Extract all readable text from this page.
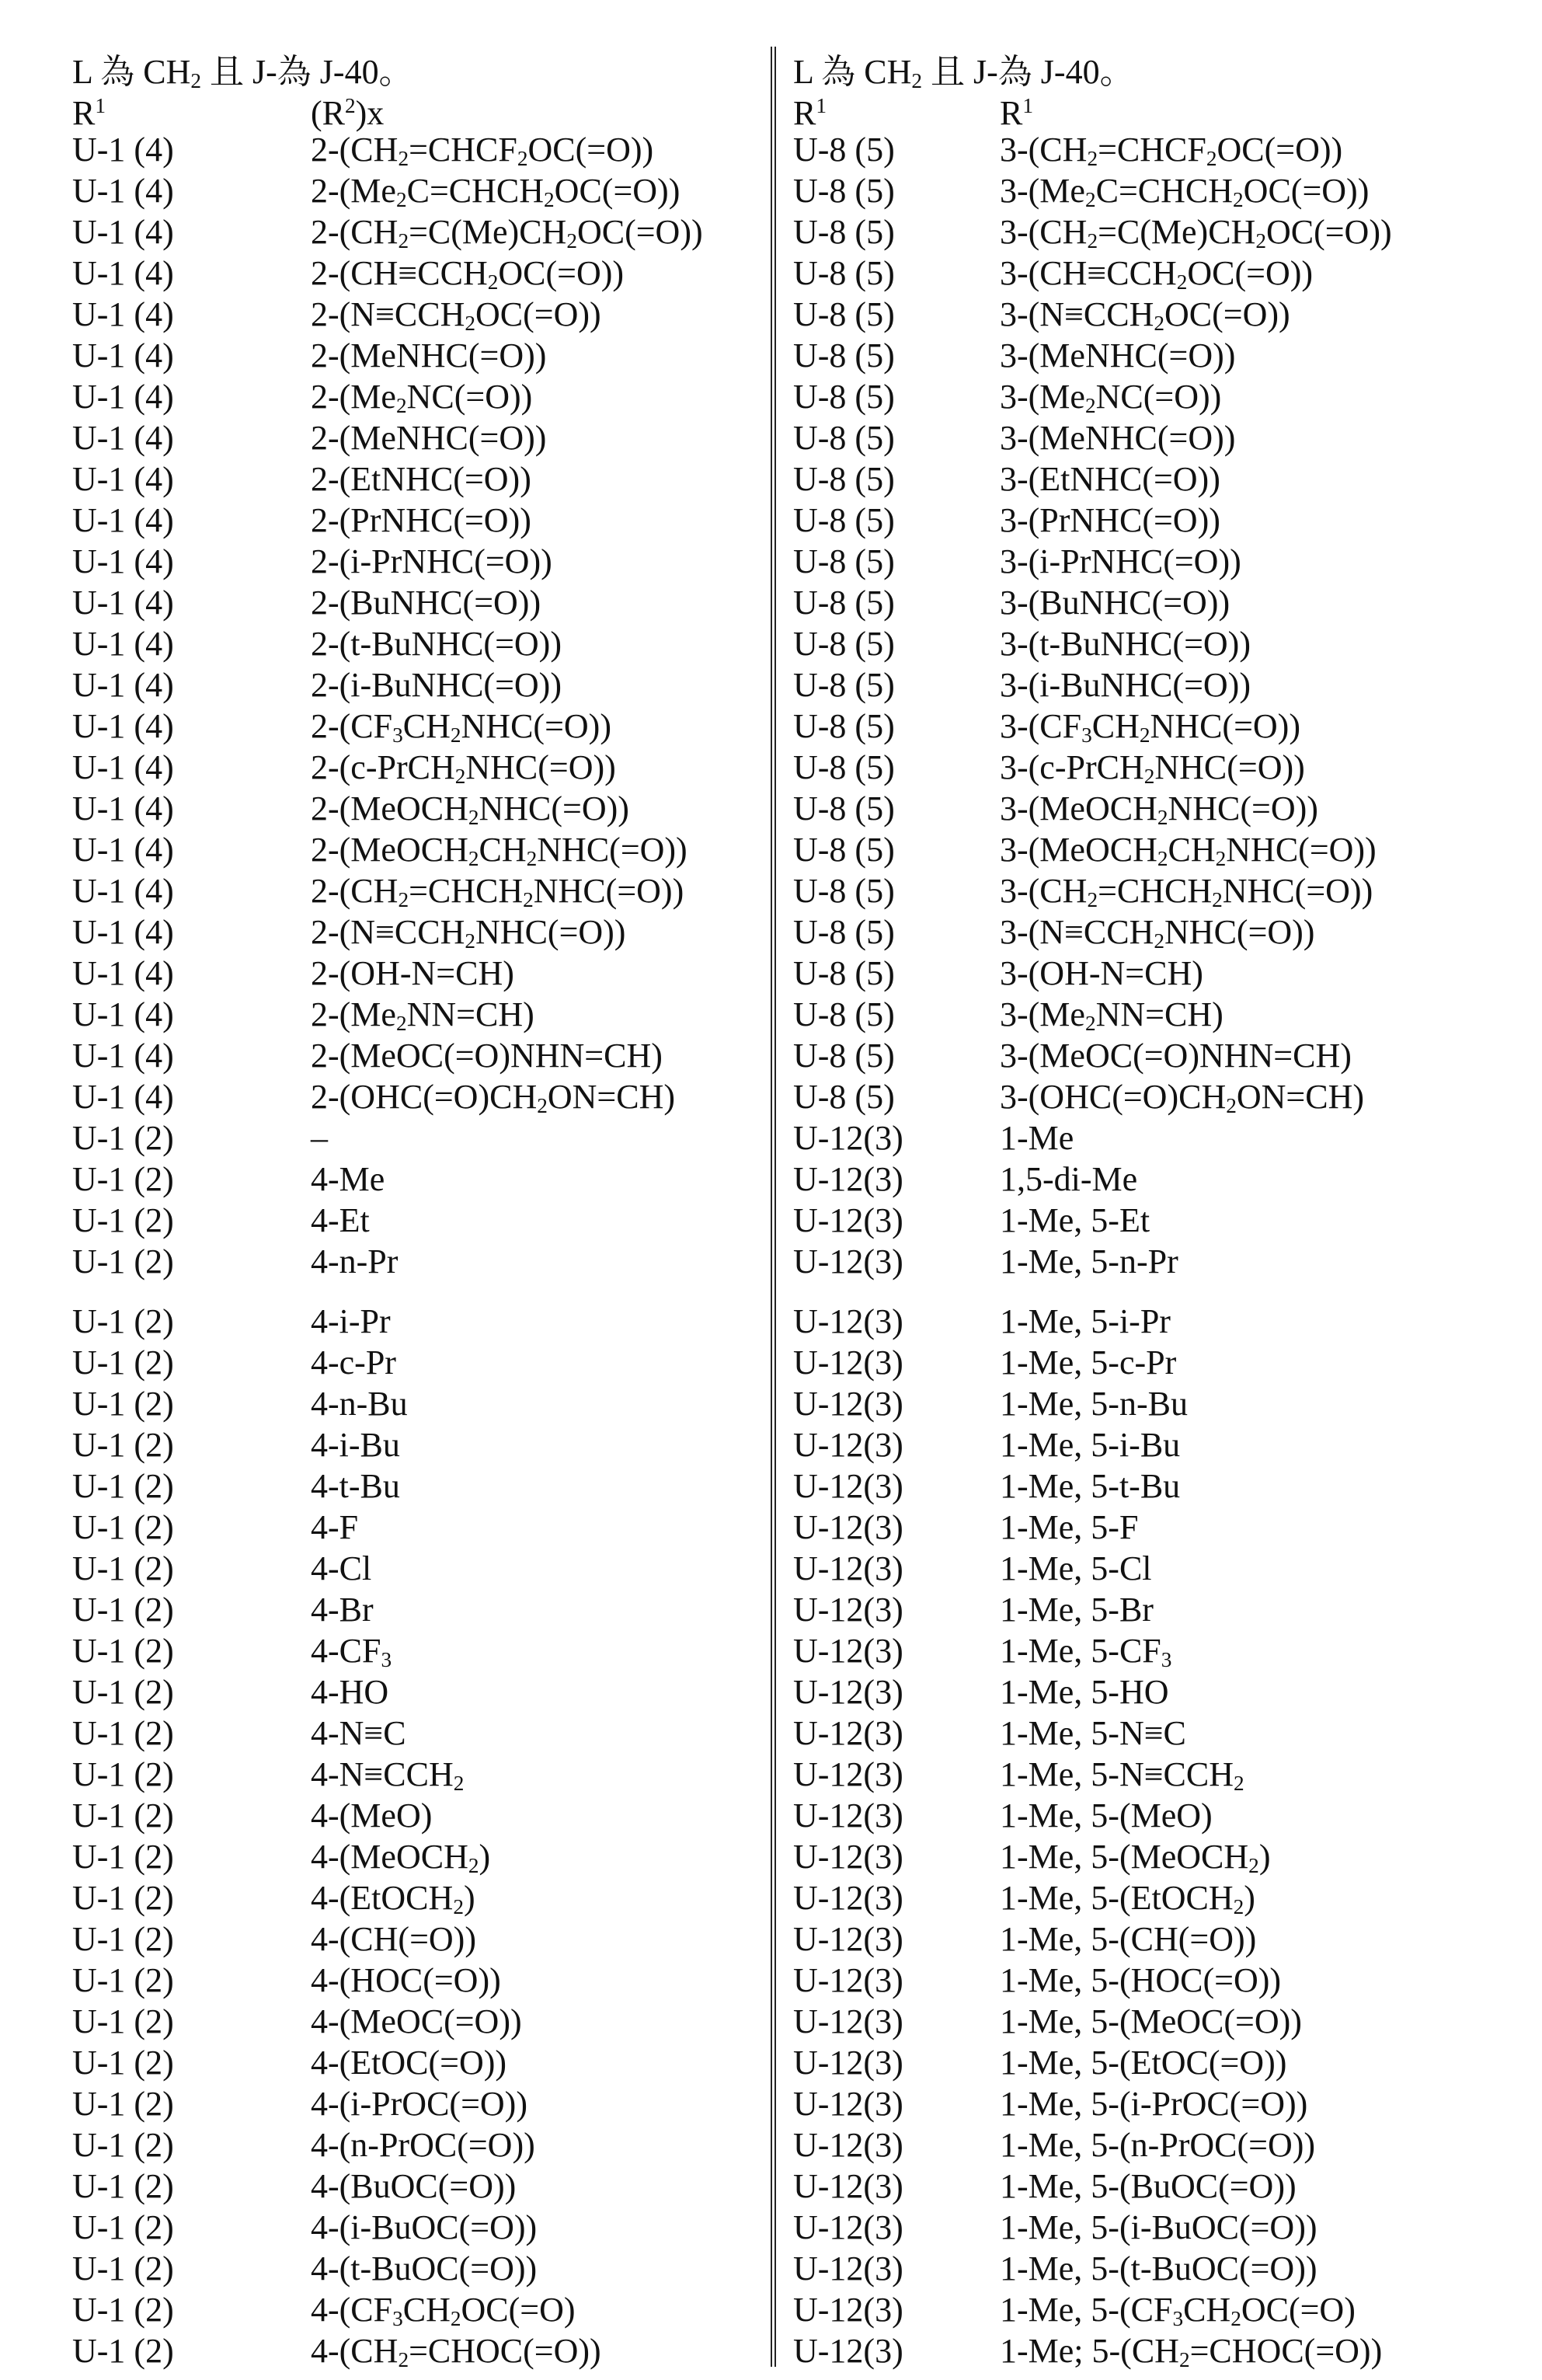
L 為 $CH_2$ 且 J-為 J-40。
$R^1$	$(R^2)x$
U-1 (4)	$2-(CH_2=CHCF_2OC(=O))$
U-1 (4)	$2-(Me_2C=CHCH_2OC(=O))$
U-1 (4)	$2-(CH_2=C(Me)CH_2OC(=O))$
U-1 (4)	$2-(CH\equiv CCH_2OC(=O))$
U-1 (4)	$2-(N\equiv CCH_2OC(=O))$
U-1 (4)	2-(MeNHC(=O))
U-1 (4)	$2-(Me_2NC(=O))$
U-1 (4)	2-(MeNHC(=O))
U-1 (4)	2-(EtNHC(=O))
U-1 (4)	2-(PrNHC(=O))
U-1 (4)	2-(i-PrNHC(=O))
U-1 (4)	2-(BuNHC(=O))
U-1 (4)	2-(t-BuNHC(=O))
U-1 (4)	2-(i-BuNHC(=O))
U-1 (4)	$2-(CF_3CH_2NHC(=O))$
U-1 (4)	2-(c-PrCH$_2$NHC(=O))
U-1 (4)	2-(MeOCH$_2$NHC(=O))
U-1 (4)	$2-(MeOCH_2CH_2NHC(=O))$
U-1 (4)	$2-(CH_2=CHCH_2NHC(=O))$
U-1 (4)	$2-(N\equiv CCH_2NHC(=O))$
U-1 (4)	2-(OH-N=CH)
U-1 (4)	$2-(Me_2NN=CH)$
U-1 (4)	2-(MeOC(=O)NHN=CH)
U-1 (4)	$2-(OHC(=O)CH_2ON=CH)$
U-1 (2)	–
U-1 (2)	4-Me
U-1 (2)	4-Et
U-1 (2)	4-n-Pr
U-1 (2)	4-i-Pr
U-1 (2)	4-c-Pr
U-1 (2)	4-n-Bu
U-1 (2)	4-i-Bu
U-1 (2)	4-t-Bu
U-1 (2)	4-F
U-1 (2)	4-Cl
U-1 (2)	4-Br
U-1 (2)	$4-CF_3$
U-1 (2)	4-HO
U-1 (2)	4-N≡C
U-1 (2)	$4-N\equiv CCH_2$
U-1 (2)	4-(MeO)
U-1 (2)	4-(MeOCH$_2$)
U-1 (2)	4-(EtOCH$_2$)
U-1 (2)	4-(CH(=O))
U-1 (2)	4-(HOC(=O))
U-1 (2)	4-(MeOC(=O))
U-1 (2)	4-(EtOC(=O))
U-1 (2)	4-(i-PrOC(=O))
U-1 (2)	4-(n-PrOC(=O))
U-1 (2)	4-(BuOC(=O))
U-1 (2)	4-(i-BuOC(=O))
U-1 (2)	4-(t-BuOC(=O))
U-1 (2)	$4-(CF_3CH_2OC(=O)$
U-1 (2)	$4-(CH_2=CHOC(=O))$
L 為 $CH_2$ 且 J-為 J-40。
$R^1$	$R^1$
U-8 (5)	$3-(CH_2=CHCF_2OC(=O))$
U-8 (5)	$3-(Me_2C=CHCH_2OC(=O))$
U-8 (5)	$3-(CH_2=C(Me)CH_2OC(=O))$
U-8 (5)	$3-(CH\equiv CCH_2OC(=O))$
U-8 (5)	$3-(N\equiv CCH_2OC(=O))$
U-8 (5)	3-(MeNHC(=O))
U-8 (5)	$3-(Me_2NC(=O))$
U-8 (5)	3-(MeNHC(=O))
U-8 (5)	3-(EtNHC(=O))
U-8 (5)	3-(PrNHC(=O))
U-8 (5)	3-(i-PrNHC(=O))
U-8 (5)	3-(BuNHC(=O))
U-8 (5)	3-(t-BuNHC(=O))
U-8 (5)	3-(i-BuNHC(=O))
U-8 (5)	$3-(CF_3CH_2NHC(=O))$
U-8 (5)	3-(c-PrCH$_2$NHC(=O))
U-8 (5)	3-(MeOCH$_2$NHC(=O))
U-8 (5)	$3-(MeOCH_2CH_2NHC(=O))$
U-8 (5)	$3-(CH_2=CHCH_2NHC(=O))$
U-8 (5)	$3-(N\equiv CCH_2NHC(=O))$
U-8 (5)	3-(OH-N=CH)
U-8 (5)	$3-(Me_2NN=CH)$
U-8 (5)	3-(MeOC(=O)NHN=CH)
U-8 (5)	$3-(OHC(=O)CH_2ON=CH)$
U-12(3)	1-Me
U-12(3)	1,5-di-Me
U-12(3)	1-Me, 5-Et
U-12(3)	1-Me, 5-n-Pr
U-12(3)	1-Me, 5-i-Pr
U-12(3)	1-Me, 5-c-Pr
U-12(3)	1-Me, 5-n-Bu
U-12(3)	1-Me, 5-i-Bu
U-12(3)	1-Me, 5-t-Bu
U-12(3)	1-Me, 5-F
U-12(3)	1-Me, 5-Cl
U-12(3)	1-Me, 5-Br
U-12(3)	1-Me, $5-CF_3$
U-12(3)	1-Me, 5-HO
U-12(3)	1-Me, 5-N≡C
U-12(3)	1-Me, $5-N\equiv CCH_2$
U-12(3)	1-Me, 5-(MeO)
U-12(3)	1-Me, 5-(MeOCH$_2$)
U-12(3)	1-Me, 5-(EtOCH$_2$)
U-12(3)	1-Me, 5-(CH(=O))
U-12(3)	1-Me, 5-(HOC(=O))
U-12(3)	1-Me, 5-(MeOC(=O))
U-12(3)	1-Me, 5-(EtOC(=O))
U-12(3)	1-Me, 5-(i-PrOC(=O))
U-12(3)	1-Me, 5-(n-PrOC(=O))
U-12(3)	1-Me, 5-(BuOC(=O))
U-12(3)	1-Me, 5-(i-BuOC(=O))
U-12(3)	1-Me, 5-(t-BuOC(=O))
U-12(3)	1-Me, $5-(CF_3CH_2OC(=O)$
U-12(3)	1-Me; $5-(CH_2=CHOC(=O))$
